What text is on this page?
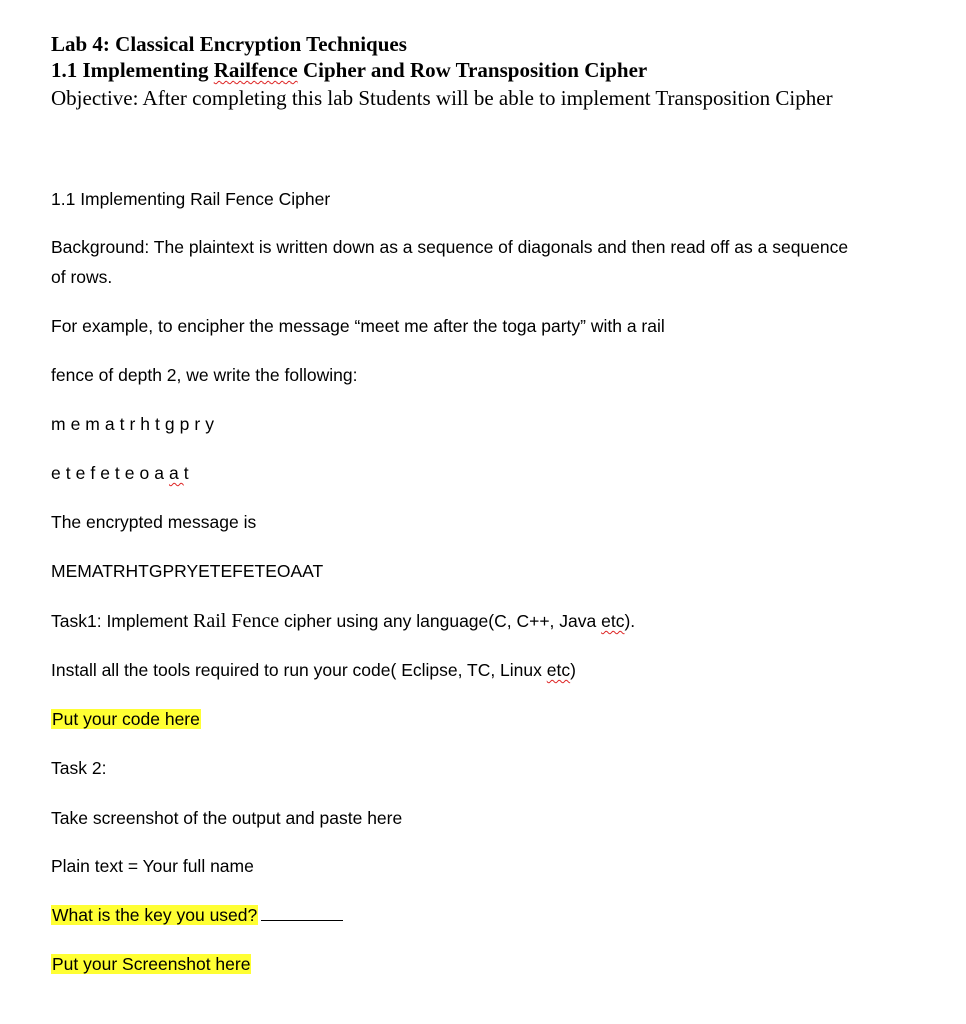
Lab 4: Classical Encryption Techniques
1.1 Implementing Railfence Cipher and Row Transposition Cipher
Objective: After completing this lab Students will be able to implement Transposition Cipher
1.1 Implementing Rail Fence Cipher
Background: The plaintext is written down as a sequence of diagonals and then read off as a sequence
of rows.
For example, to encipher the message “meet me after the toga party” with a rail
fence of depth 2, we write the following:
mematrhtgpry
etefeteoaat
The encrypted message is
MEMATRHTGPRYETEFETEOAAT
Task1: Implement Rail Fence cipher using any language(C, C++, Java etc).
Install all the tools required to run your code( Eclipse, TC, Linux etc)
Put your code here
Task 2:
Take screenshot of the output and paste here
Plain text = Your full name
What is the key you used?
Put your Screenshot here
